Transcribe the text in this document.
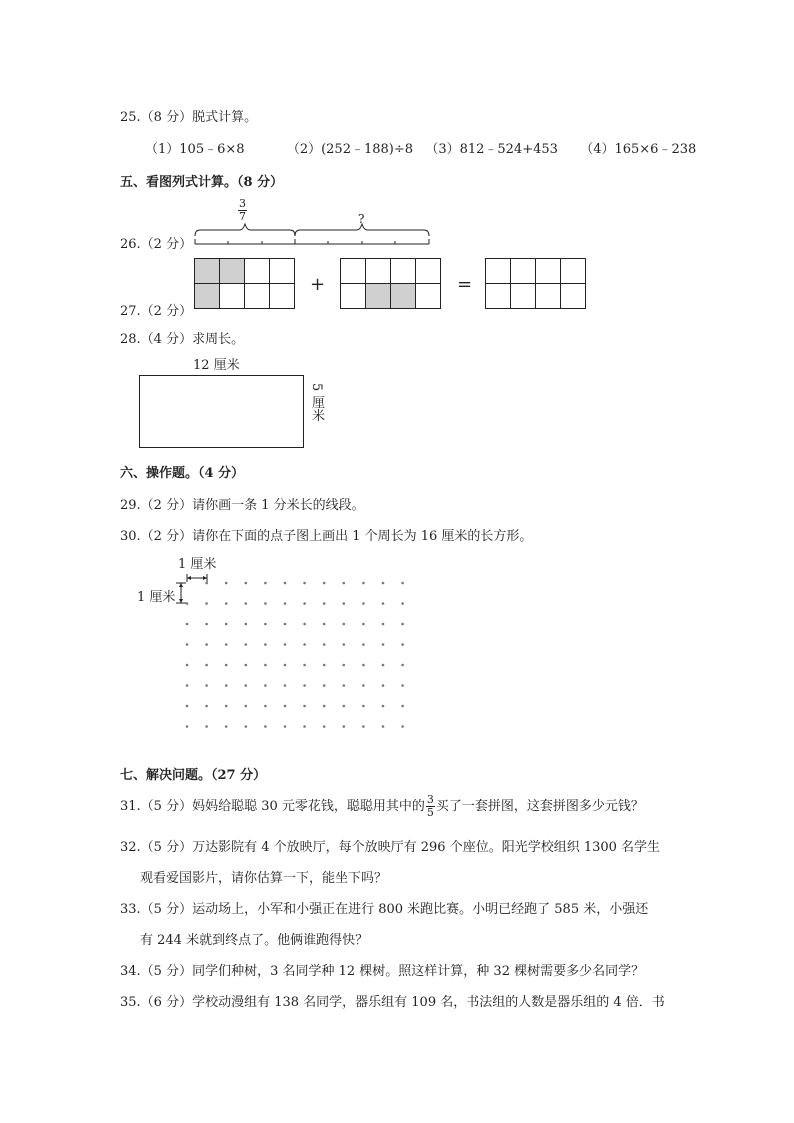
25.（8 分）脱式计算。
（1）105﹣6×8	（2）(252﹣188)÷8 （3）812﹣524+453 （4）165×6﹣238
五、看图列式计算。（8 分）
26.（2 分）
$\frac{3}{7}$	?
27.（2 分）
+	=
28.（4 分）求周长。
12 厘米
5 厘米
六、操作题。（4 分）
29.（2 分）请你画一条 1 分米长的线段。
30.（2 分）请你在下面的点子图上画出 1 个周长为 16 厘米的长方形。
1 厘米
1 厘米
七、解决问题。（27 分）
31.（5 分）妈妈给聪聪 30 元零花钱，聪聪用其中的 $\frac{3}{5}$ 买了一套拼图，这套拼图多少元钱？
32.（5 分）万达影院有 4 个放映厅，每个放映厅有 296 个座位。阳光学校组织 1300 名学生
观看爱国影片，请你估算一下，能坐下吗？
33.（5 分）运动场上，小军和小强正在进行 800 米跑比赛。小明已经跑了 585 米，小强还
有 244 米就到终点了。他俩谁跑得快？
34.（5 分）同学们种树，3 名同学种 12 棵树。照这样计算，种 32 棵树需要多少名同学？
35.（6 分）学校动漫组有 138 名同学，器乐组有 109 名，书法组的人数是器乐组的 4 倍．书
